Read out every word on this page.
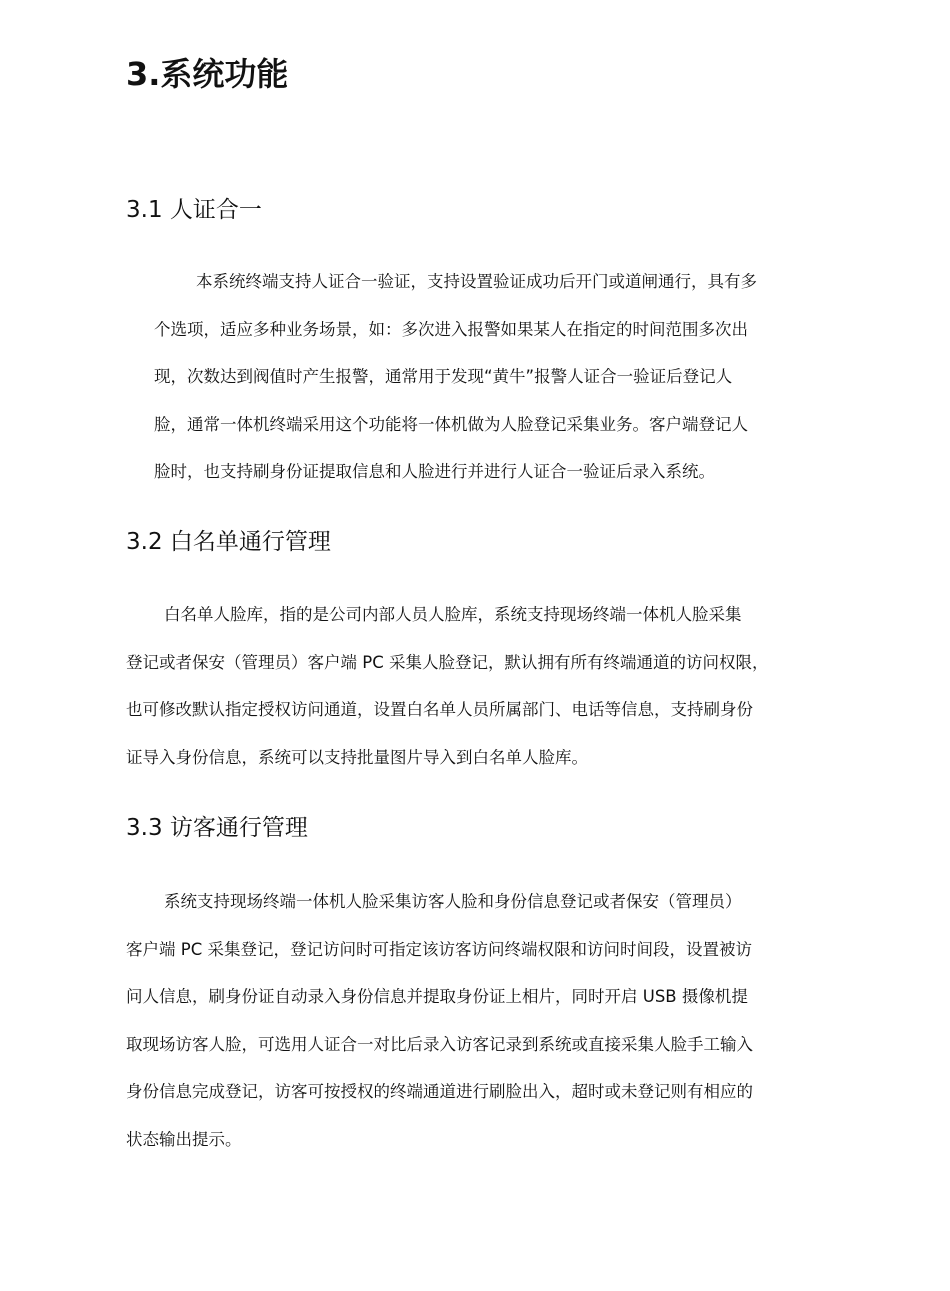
3.系统功能
3.1 人证合一
本系统终端支持人证合一验证，支持设置验证成功后开门或道闸通行，具有多
个选项，适应多种业务场景，如：多次进入报警如果某人在指定的时间范围多次出
现，次数达到阀值时产生报警，通常用于发现“黄牛”报警人证合一验证后登记人
脸，通常一体机终端采用这个功能将一体机做为人脸登记采集业务。客户端登记人
脸时，也支持刷身份证提取信息和人脸进行并进行人证合一验证后录入系统。
3.2 白名单通行管理
白名单人脸库，指的是公司内部人员人脸库，系统支持现场终端一体机人脸采集
登记或者保安（管理员）客户端 PC 采集人脸登记，默认拥有所有终端通道的访问权限，
也可修改默认指定授权访问通道，设置白名单人员所属部门、电话等信息，支持刷身份
证导入身份信息，系统可以支持批量图片导入到白名单人脸库。
3.3 访客通行管理
系统支持现场终端一体机人脸采集访客人脸和身份信息登记或者保安（管理员）
客户端 PC 采集登记，登记访问时可指定该访客访问终端权限和访问时间段，设置被访
问人信息，刷身份证自动录入身份信息并提取身份证上相片，同时开启 USB 摄像机提
取现场访客人脸，可选用人证合一对比后录入访客记录到系统或直接采集人脸手工输入
身份信息完成登记，访客可按授权的终端通道进行刷脸出入，超时或未登记则有相应的
状态输出提示。
